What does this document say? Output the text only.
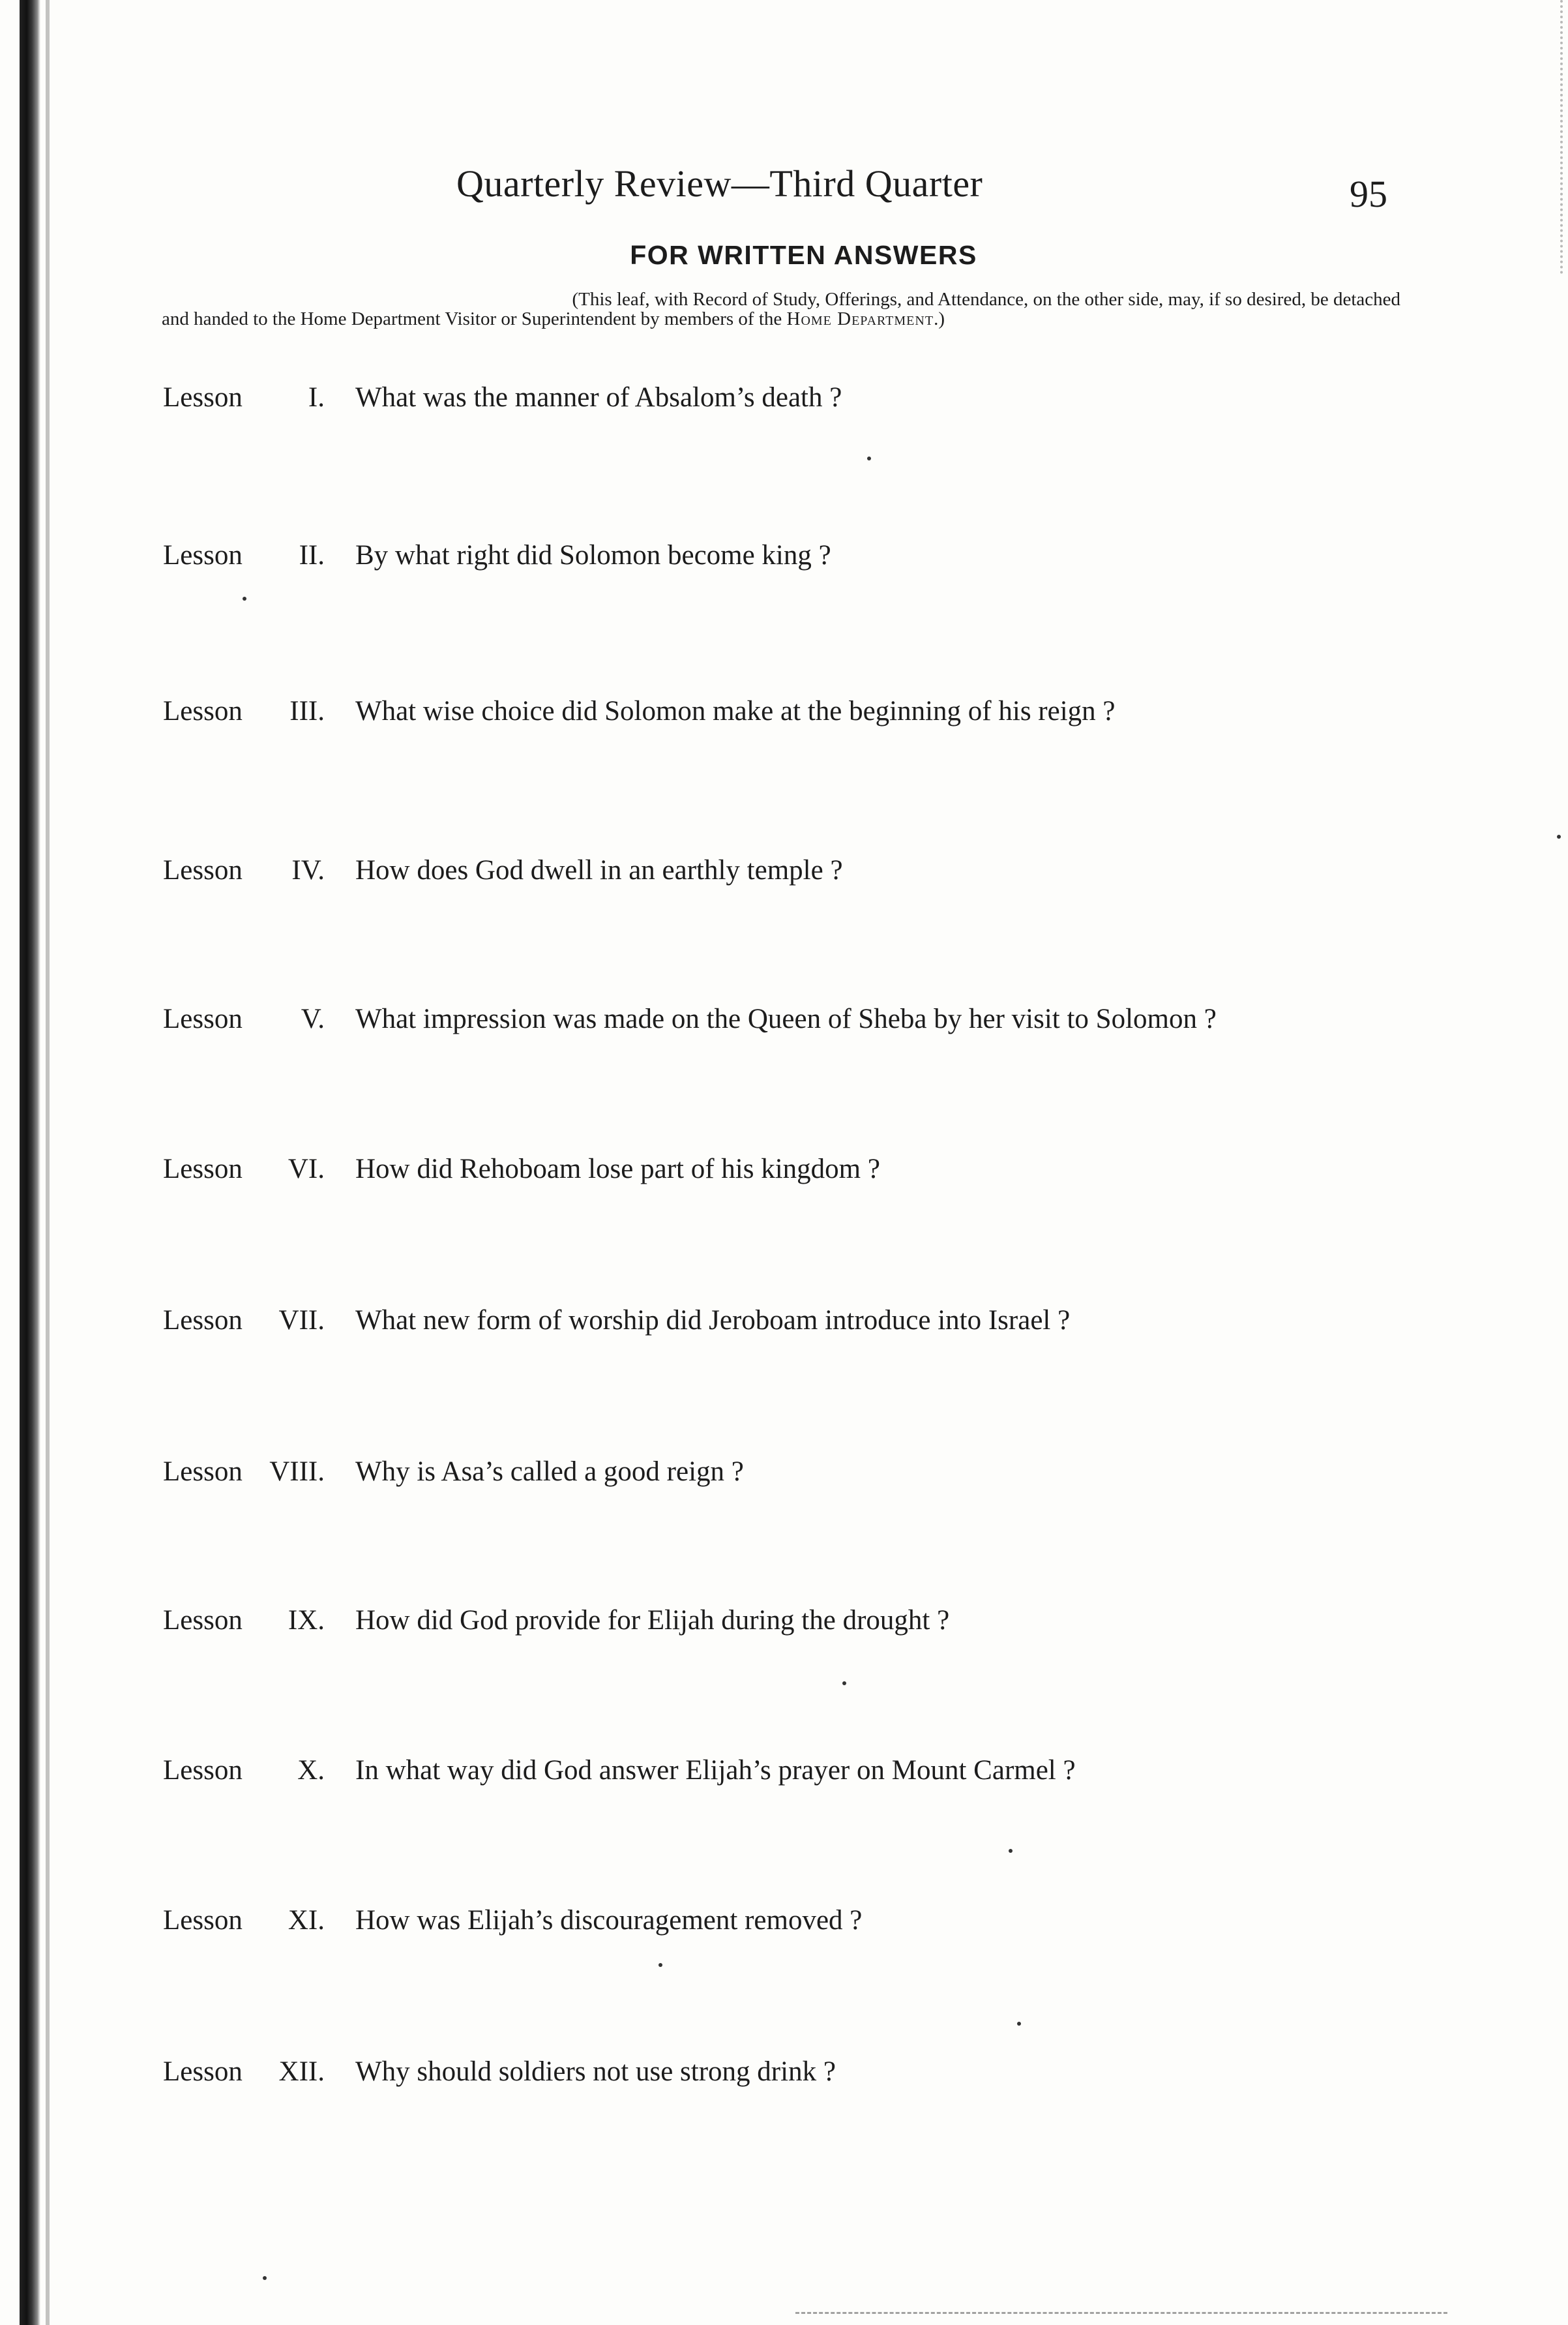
Quarterly Review—Third Quarter	95
FOR WRITTEN ANSWERS
(This leaf, with Record of Study, Offerings, and Attendance, on the other side, may, if so desired, be detached
and handed to the Home Department Visitor or Superintendent by members of the Home Department.)
Lesson I. What was the manner of Absalom’s death ?
Lesson II. By what right did Solomon become king ?
Lesson III. What wise choice did Solomon make at the beginning of his reign ?
Lesson IV. How does God dwell in an earthly temple ?
Lesson V. What impression was made on the Queen of Sheba by her visit to Solomon ?
Lesson VI. How did Rehoboam lose part of his kingdom ?
Lesson VII. What new form of worship did Jeroboam introduce into Israel ?
Lesson VIII. Why is Asa’s called a good reign ?
Lesson IX. How did God provide for Elijah during the drought ?
Lesson X. In what way did God answer Elijah’s prayer on Mount Carmel ?
Lesson XI. How was Elijah’s discouragement removed ?
Lesson XII. Why should soldiers not use strong drink ?
